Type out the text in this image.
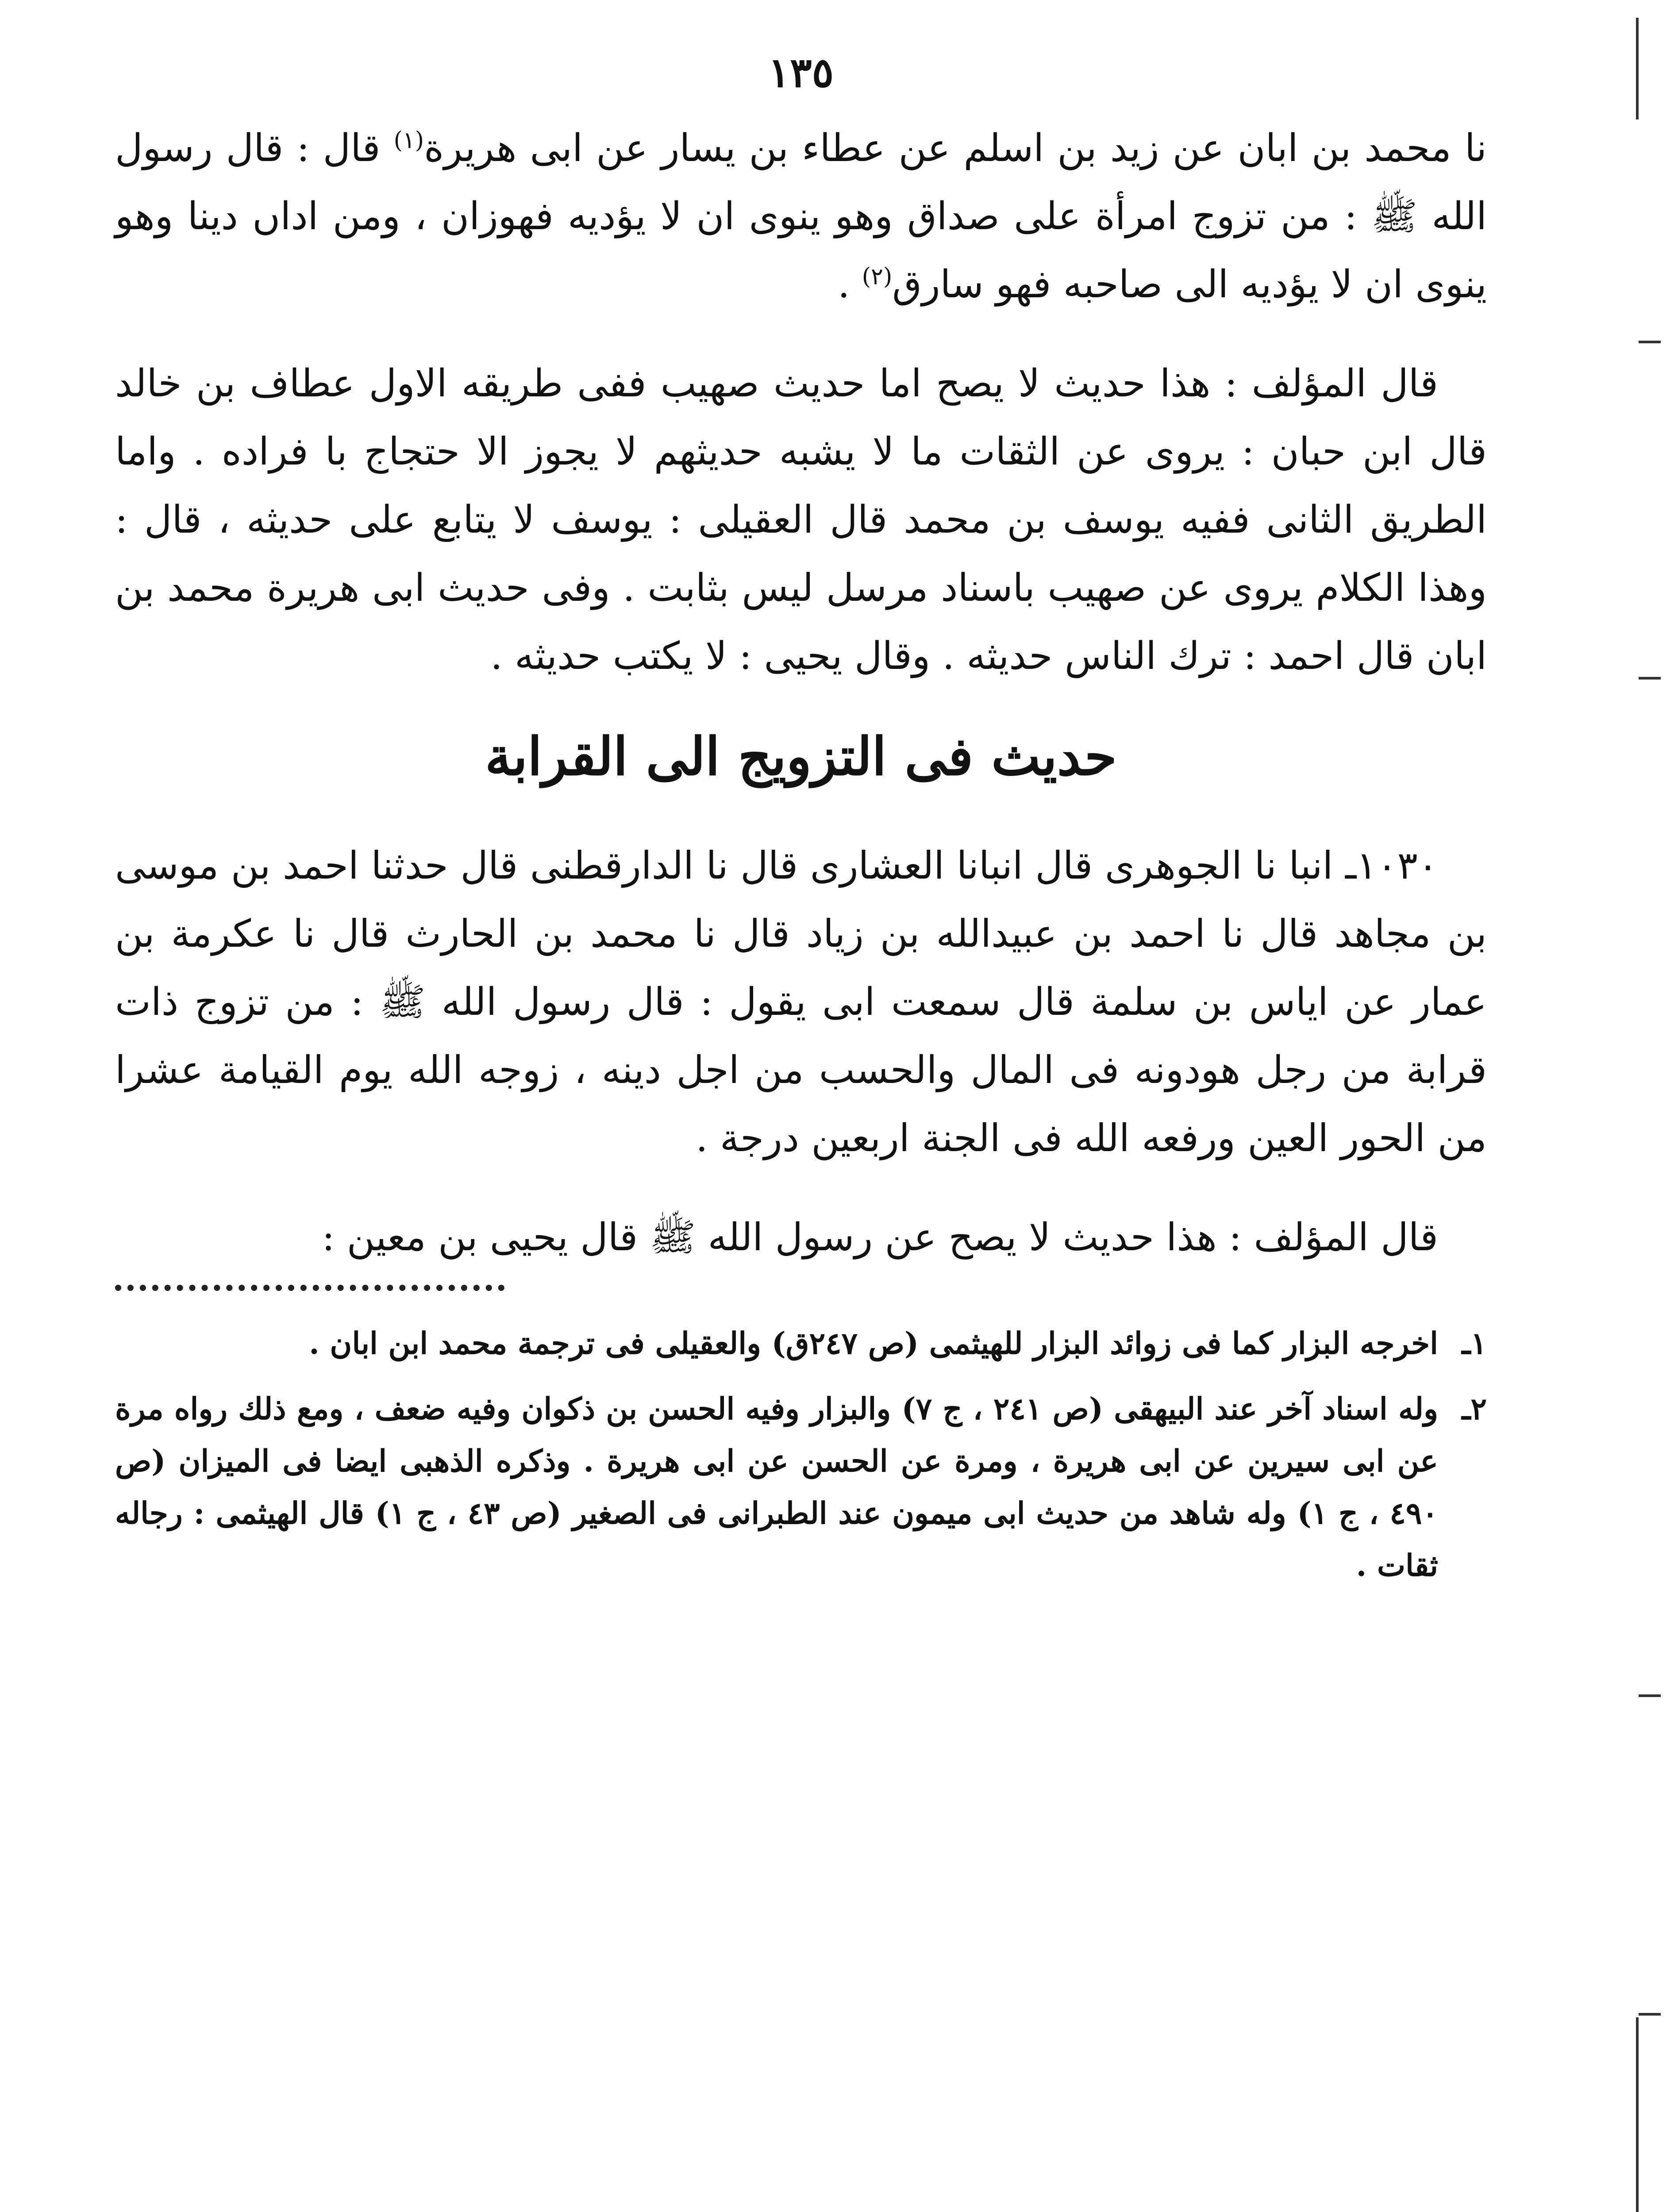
١٣٥

نا محمد بن ابان عن زيد بن اسلم عن عطاء بن يسار عن ابى هريرة$^{(١)}$ قال : قال رسول الله ﷺ : من تزوج امرأة على صداق وهو ينوى ان لا يؤديه فهوزان ، ومن اداں دينا وهو ينوى ان لا يؤديه الى صاحبه فهو سارق$^{(٢)}$ .

قال المؤلف : هذا حديث لا يصح اما حديث صهيب ففى طريقه الاول عطاف بن خالد قال ابن حبان : يروى عن الثقات ما لا يشبه حديثهم لا يجوز الا حتجاج با فراده . واما الطريق الثانى ففيه يوسف بن محمد قال العقيلى : يوسف لا يتابع على حديثه ، قال : وهذا الكلام يروى عن صهيب باسناد مرسل ليس بثابت . وفى حديث ابى هريرة محمد بن ابان قال احمد : ترك الناس حديثه . وقال يحيى : لا يكتب حديثه .

حديث فى التزويج الى القرابة

١٠٣٠ـ انبا نا الجوهرى قال انبانا العشارى قال نا الدارقطنى قال حدثنا احمد بن موسى بن مجاهد قال نا احمد بن عبيدالله بن زياد قال نا محمد بن الحارث قال نا عكرمة بن عمار عن اياس بن سلمة قال سمعت ابى يقول : قال رسول الله ﷺ : من تزوج ذات قرابة من رجل هودونه فى المال والحسب من اجل دينه ، زوجه الله يوم القيامة عشرا من الحور العين ورفعه الله فى الجنة اربعين درجة .

قال المؤلف : هذا حديث لا يصح عن رسول الله ﷺ قال يحيى بن معين :

١ـ
اخرجه البزار كما فى زوائد البزار للهيثمى (ص ٢٤٧ق) والعقيلى فى ترجمة محمد ابن ابان .
٢ـ
وله اسناد آخر عند البيهقى (ص ٢٤١ ، ج ٧) والبزار وفيه الحسن بن ذكوان وفيه ضعف ، ومع ذلك رواه مرة عن ابى سيرين عن ابى هريرة ، ومرة عن الحسن عن ابى هريرة . وذكره الذهبى ايضا فى الميزان (ص ٤٩٠ ، ج ١) وله شاهد من حديث ابى ميمون عند الطبرانى فى الصغير (ص ٤٣ ، ج ١) قال الهيثمى : رجاله ثقات .
